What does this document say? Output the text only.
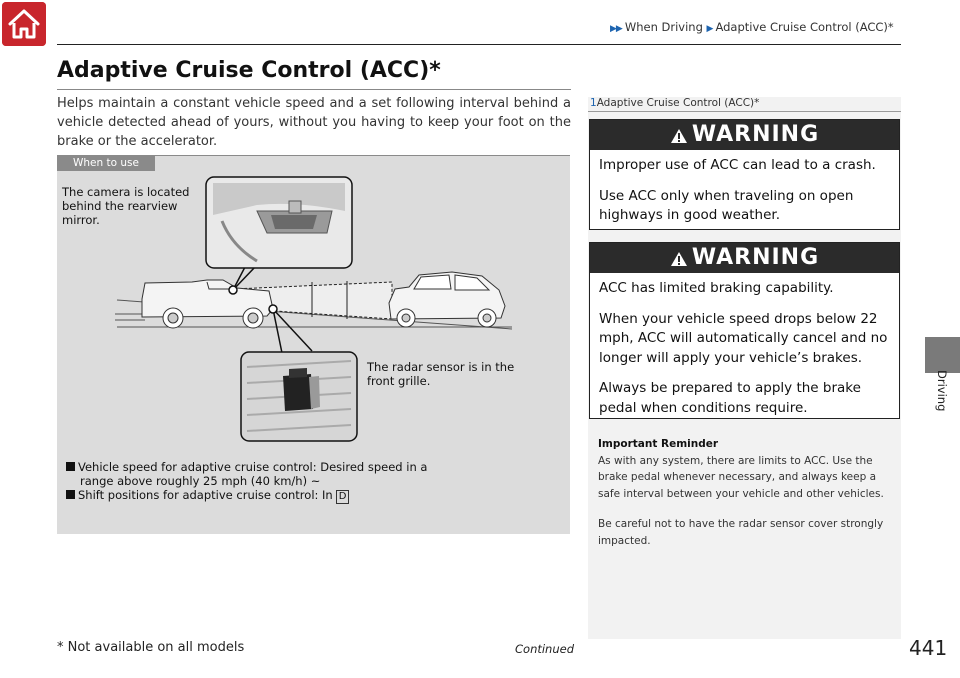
▶▶ When Driving ▶ Adaptive Cruise Control (ACC)*
Adaptive Cruise Control (ACC)*
Helps maintain a constant vehicle speed and a set following interval behind a vehicle detected ahead of yours, without you having to keep your foot on the brake or the accelerator.
When to use
The camera is located behind the rearview mirror.
The radar sensor is in the front grille.
Vehicle speed for adaptive cruise control: Desired speed in a
range above roughly 25 mph (40 km/h) ~
Shift positions for adaptive cruise control: In D
1Adaptive Cruise Control (ACC)*
WARNING

Improper use of ACC can lead to a crash.

Use ACC only when traveling on open highways in good weather.

WARNING

ACC has limited braking capability.

When your vehicle speed drops below 22 mph, ACC will automatically cancel and no longer will apply your vehicle’s brakes.

Always be prepared to apply the brake pedal when conditions require.

Important Reminder

As with any system, there are limits to ACC. Use the brake pedal whenever necessary, and always keep a safe interval between your vehicle and other vehicles.

Be careful not to have the radar sensor cover strongly impacted.

Driving
* Not available on all models	Continued	441
